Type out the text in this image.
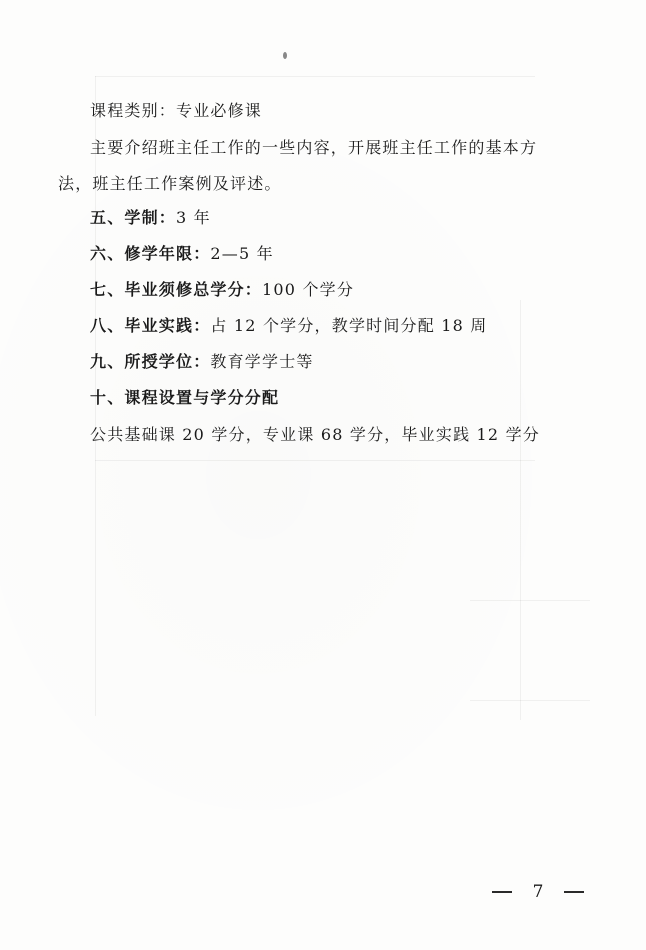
课程类别：专业必修课
主要介绍班主任工作的一些内容，开展班主任工作的基本方
法，班主任工作案例及评述。
五、学制：3 年
六、修学年限：2—5 年
七、毕业须修总学分：100 个学分
八、毕业实践：占 12 个学分，教学时间分配 18 周
九、所授学位：教育学学士等
十、课程设置与学分分配
公共基础课 20 学分，专业课 68 学分，毕业实践 12 学分
7
